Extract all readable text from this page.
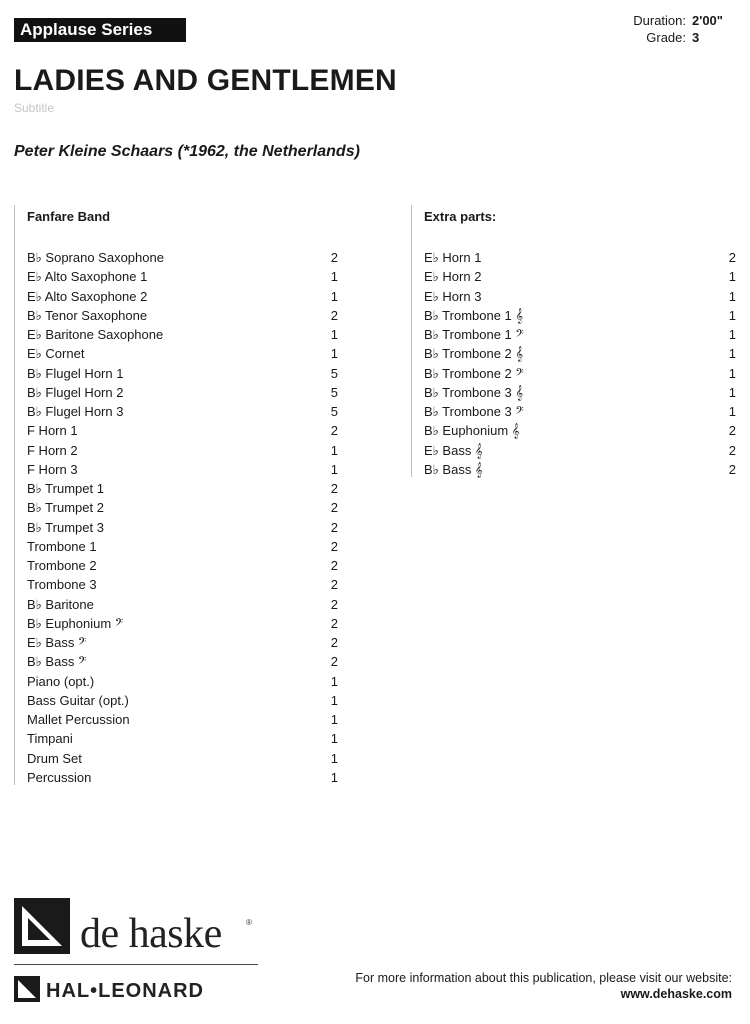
Applause Series	Duration: 2'00"
Grade: 3
LADIES AND GENTLEMEN
Subtitle
Peter Kleine Schaars (*1962, the Netherlands)
Fanfare Band
B♭ Soprano Saxophone	2
E♭ Alto Saxophone 1	1
E♭ Alto Saxophone 2	1
B♭ Tenor Saxophone	2
E♭ Baritone Saxophone	1
E♭ Cornet	1
B♭ Flugel Horn 1	5
B♭ Flugel Horn 2	5
B♭ Flugel Horn 3	5
F Horn 1	2
F Horn 2	1
F Horn 3	1
B♭ Trumpet 1	2
B♭ Trumpet 2	2
B♭ Trumpet 3	2
Trombone 1	2
Trombone 2	2
Trombone 3	2
B♭ Baritone	2
B♭ Euphonium 𝄢	2
E♭ Bass 𝄢	2
B♭ Bass 𝄢	2
Piano (opt.)	1
Bass Guitar (opt.)	1
Mallet Percussion	1
Timpani	1
Drum Set	1
Percussion	1
Extra parts:
E♭ Horn 1	2
E♭ Horn 2	1
E♭ Horn 3	1
B♭ Trombone 1 𝄞	1
B♭ Trombone 1 𝄢	1
B♭ Trombone 2 𝄞	1
B♭ Trombone 2 𝄢	1
B♭ Trombone 3 𝄞	1
B♭ Trombone 3 𝄢	1
B♭ Euphonium 𝄞	2
E♭ Bass 𝄞	2
B♭ Bass 𝄞	2
de haske	®
HAL•LEONARD
For more information about this publication, please visit our website:
www.dehaske.com
